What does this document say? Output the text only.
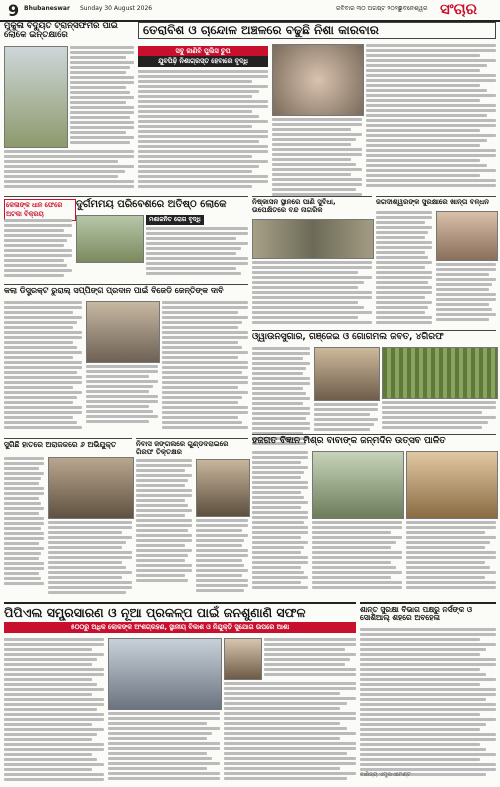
9 Bhubaneswar Sunday 30 August 2026	ରବିବାର ୩୦ ଅଗଷ୍ଟ ୨୦୨୬
ଭୁବନେଶ୍ୱର ସଂଚାର
ମୁକୁଳା ବିଦ୍ୟୁତ ଟ୍ରାନ୍ସଫର୍ମର ପାଇଁ ଲୋକେ ଇନ୍ତକ୍ଷାରେ	ତେରାବିଶ ଓ ଚାନ୍ଦୋଳ ଅଞ୍ଚଳରେ ବଢୁଛି ନିଶା କାରବାର
ସବୁ ଜାଣିବି ପୁଲିସ ଚୁପ
ଯୁବପିଢ଼ି ନିଶାଗ୍ରସ୍ତ ହେବାରେ ବୃଦ୍ଧି
କେଳାଙ୍କ ଧାନ ଫେରେ ଅଟକା ବିକ୍ରୟ
ଦୁର୍ଗମମୟ ପରିବେଶରେ ଅତିଷ୍ଠ ଲୋକେ
ମଶାଜନିତ ରୋଗ ବୃଦ୍ଧି
କଲା ଡିସ୍ଟ୍ରକ୍ଟ ରୁରାଲ୍ ସପ୍ପିଙ୍ଗ ପ୍ରଦାନ ପାଇଁ ବିଜେଡି ଜେନ୍ତିଙ୍କ ଦାବି
ନିଷ୍କାସନ ସ୍ଥାନରେ ପାଣି ସୁବିଧା, ଉପେକ୍ଷିତରେ ବନ୍ଦ ନାଗରିକ
ଜଗଦୀଶ୍ୱରଙ୍କ ସୁରକ୍ଷାରେ ଖାନ୍ତା ବନ୍ଧନ
ଓ୍ୱାଉନସୁଗାର, ଗଞ୍ଜେଇ ଓ ଗୋଗମଲ ଜବତ, ୪ଗିରଫ
ସୁଗିଛି ହାତରେ ଅରାଜକରେ ୬ ଅଭିଯୁକ୍ତ	ନିବାସ ଜଙ୍ଗଲରେ ଗୁଣ୍ଡଦରାଇରେ ଗିରଫ ତିକ୍ତକ୍ଷର
ହଜଗତ ବିଜ୍ଞାନ ମିଶ୍ର ବାବାଙ୍କ ଜନ୍ମଦିନ ଉତ୍ସବ ପାଳିତ
ପିପିଏଲ ସମ୍ପ୍ରସାରଣ ଓ ନୂଆ ପ୍ରକଳ୍ପ ପାଇଁ ଜନଶୁଣାଣି ସଫଳ
୫୦୦ରୁ ଅଧିକ ଲୋକଙ୍କ ଅଂଶଗ୍ରହଣ, ସ୍ଥାନୀୟ ବିକାଶ ଓ ନିଯୁକ୍ତି ସୁଯୋଗ ଉପରେ ଆଶା
ଶାନ୍ତ ସୁରକ୍ଷା ବିଭାଗ ପକ୍ଷରୁ ନର୍ସଙ୍କ ଓ ସୋଶିଆଲ୍ ଶହରେ ଅବହେଳା
ବାଣିଜ୍ୟ ଏମ୍ପ୍ଲଏମେଣ୍ଟ
